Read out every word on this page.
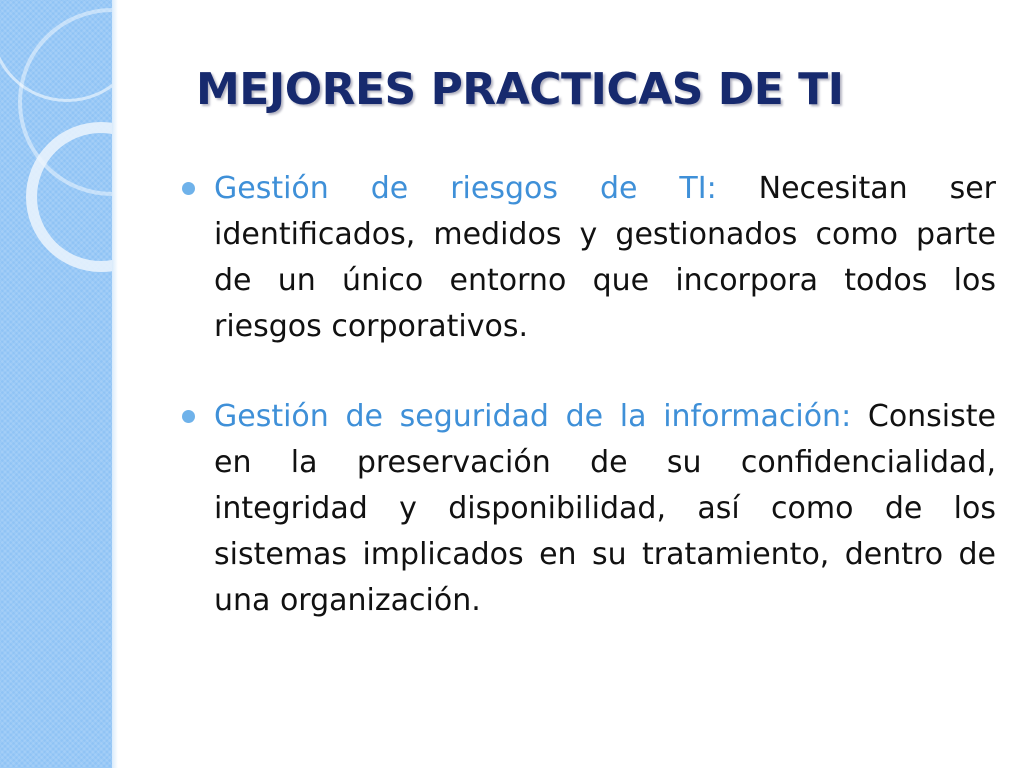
MEJORES PRACTICAS DE TI
Gestión de riesgos de TI: Necesitan ser identificados, medidos y gestionados como parte de un único entorno que incorpora todos los riesgos corporativos.
Gestión de seguridad de la información: Consiste en la preservación de su confidencialidad, integridad y disponibilidad, así como de los sistemas implicados en su tratamiento, dentro de una organización.
